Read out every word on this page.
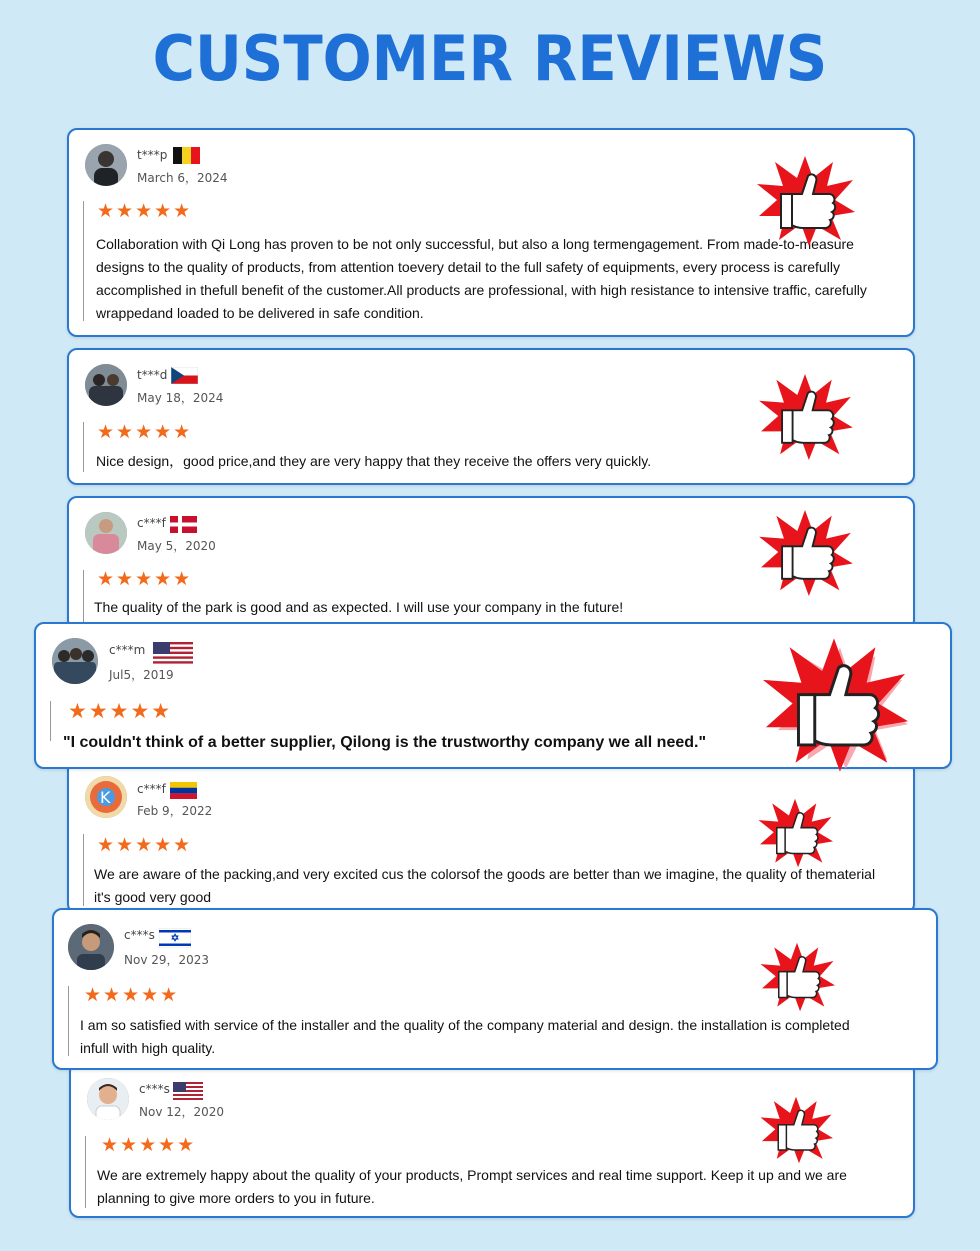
CUSTOMER REVIEWS
t***p
March 6，2024
★★★★★
Collaboration with Qi Long has proven to be not only successful, but also a long termengagement. From made-to-measure designs to the quality of products, from attention toevery detail to the full safety of equipments, every process is carefully accomplished in thefull benefit of the customer.All products are professional, with high resistance to intensive traffic, carefully wrappedand loaded to be delivered in safe condition.
t***d
May 18，2024
★★★★★
Nice design，good price,and they are very happy that they receive the offers very quickly.
c***f
May 5，2020
★★★★★
The quality of the park is good and as expected. I will use your company in the future!
K c***f
Feb 9，2022
★★★★★
We are aware of the packing,and very excited cus the colorsof the goods are better than we imagine, the quality of thematerial it's good very good
c***m
Jul5，2019
★★★★★
"I couldn't think of a better supplier, Qilong is the trustworthy company we all need."
c***s
Nov 12，2020
★★★★★
We are extremely happy about the quality of your products, Prompt services and real time support. Keep it up and we are planning to give more orders to you in future.
c***s
Nov 29，2023
★★★★★
I am so satisfied with service of the installer and the quality of the company material and design. the installation is completed infull with high quality.
